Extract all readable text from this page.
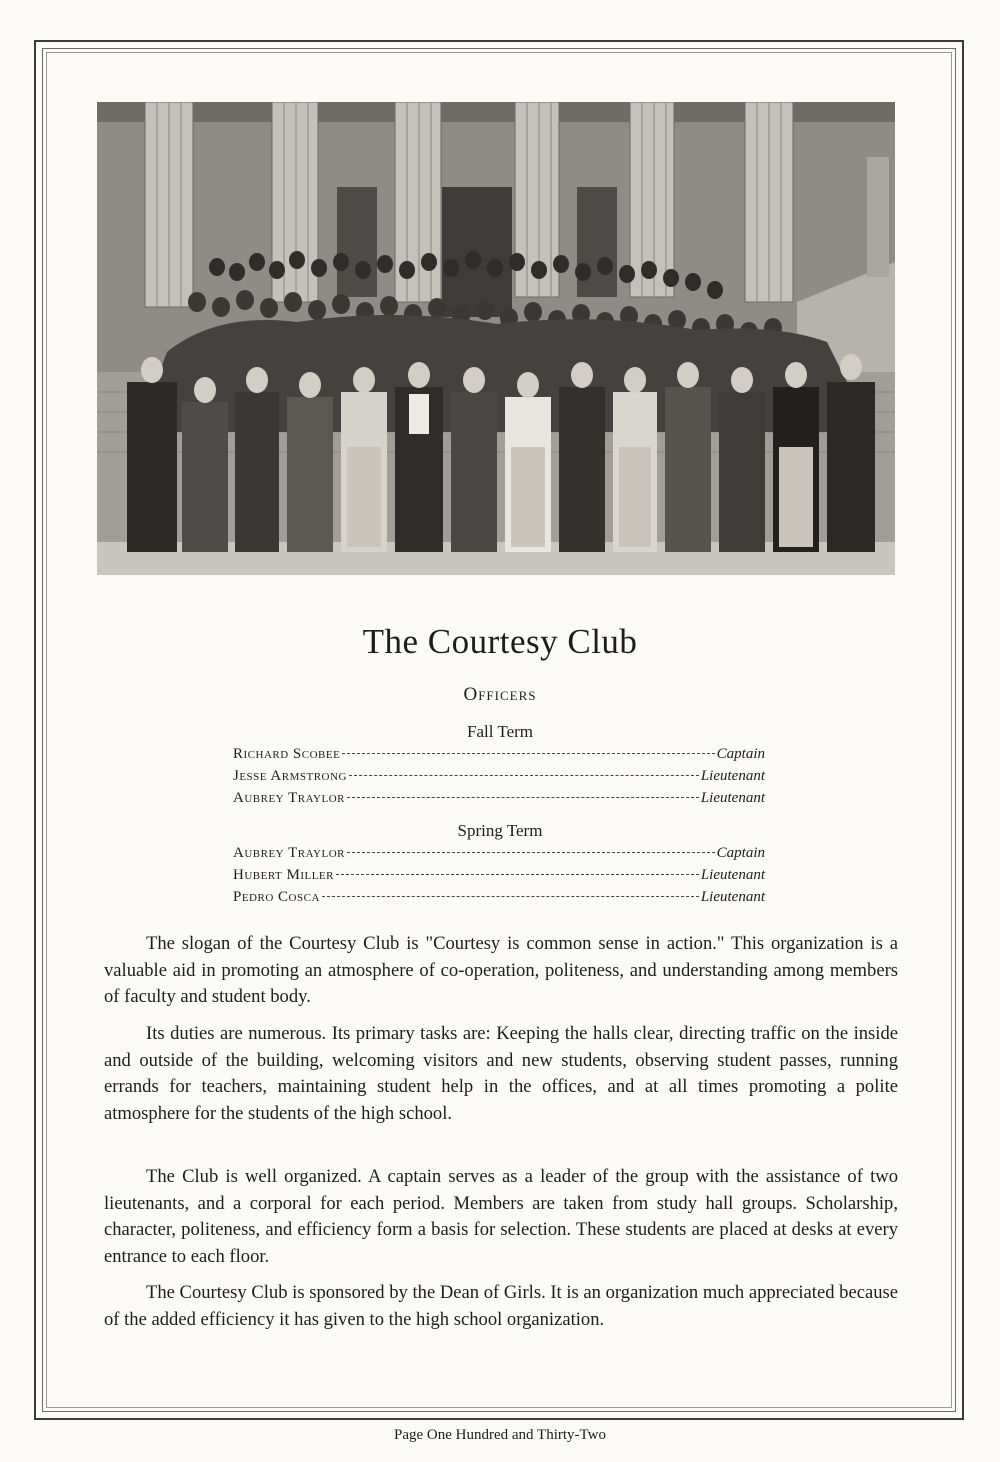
The Courtesy Club
Officers
Fall Term
Richard Scobee	Captain
Jesse Armstrong	Lieutenant
Aubrey Traylor	Lieutenant
Spring Term
Aubrey Traylor	Captain
Hubert Miller	Lieutenant
Pedro Cosca	Lieutenant

The slogan of the Courtesy Club is "Courtesy is common sense in action." This organization is a valuable aid in promoting an atmosphere of co-operation, politeness, and understanding among members of faculty and student body.

Its duties are numerous. Its primary tasks are: Keeping the halls clear, directing traffic on the inside and outside of the building, welcoming visitors and new students, observing student passes, running errands for teachers, maintaining student help in the offices, and at all times promoting a polite atmosphere for the students of the high school.

The Club is well organized. A captain serves as a leader of the group with the assistance of two lieutenants, and a corporal for each period. Members are taken from study hall groups. Scholarship, character, politeness, and efficiency form a basis for selection. These students are placed at desks at every entrance to each floor.

The Courtesy Club is sponsored by the Dean of Girls. It is an organization much appreciated because of the added efficiency it has given to the high school organization.

Page One Hundred and Thirty-Two
